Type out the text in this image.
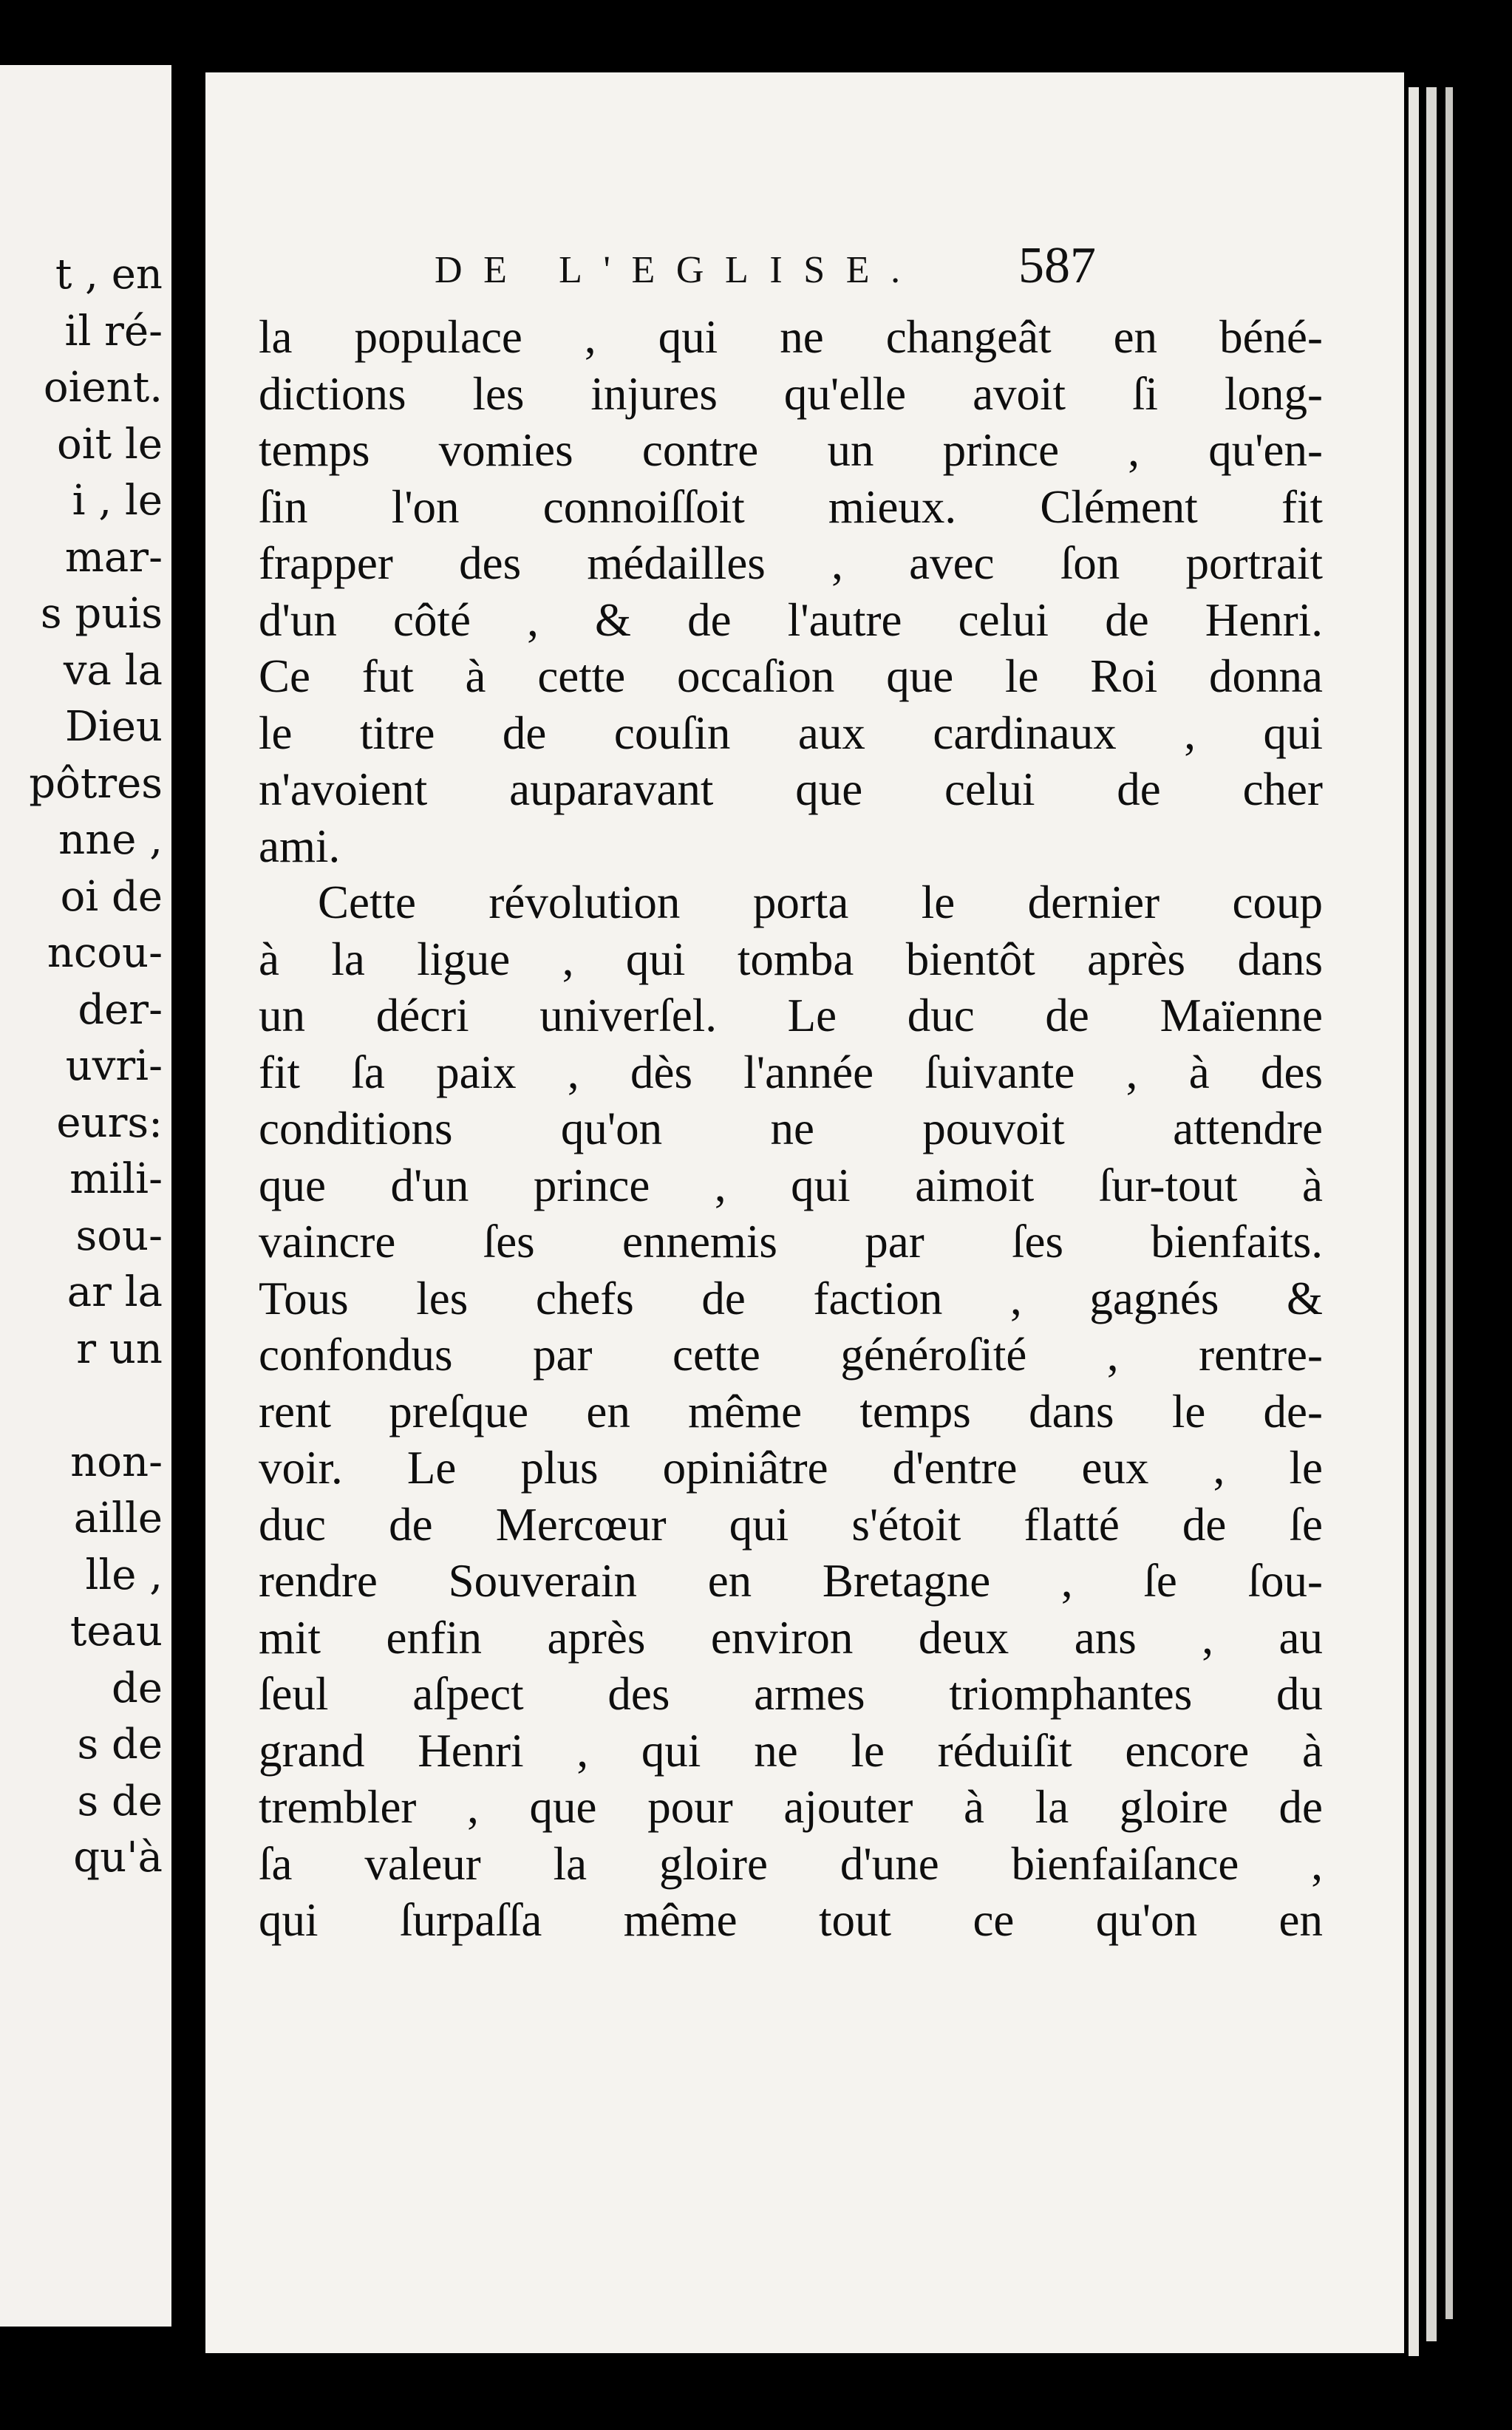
t , en
il ré-
oient.
oit le
i , le
mar-
s puis
va la
Dieu
pôtres
nne ,
oi de
ncou-
der-
uvri-
eurs:
mili-
sou-
ar la
r un
non-
aille
lle ,
teau
de
s de
s de
qu'à
DE L'EGLISE.	587
la populace , qui ne changeât en béné-
dictions les injures qu'elle avoit ſi long-
temps vomies contre un prince , qu'en-
ſin l'on connoiſſoit mieux. Clément fit
frapper des médailles , avec ſon portrait
d'un côté , & de l'autre celui de Henri.
Ce fut à cette occaſion que le Roi donna
le titre de couſin aux cardinaux , qui
n'avoient auparavant que celui de cher
ami.
Cette révolution porta le dernier coup
à la ligue , qui tomba bientôt après dans
un décri univerſel. Le duc de Maïenne
fit ſa paix , dès l'année ſuivante , à des
conditions qu'on ne pouvoit attendre
que d'un prince , qui aimoit ſur-tout à
vaincre ſes ennemis par ſes bienfaits.
Tous les chefs de faction , gagnés &
confondus par cette généroſité , rentre-
rent preſque en même temps dans le de-
voir. Le plus opiniâtre d'entre eux , le
duc de Mercœur qui s'étoit flatté de ſe
rendre Souverain en Bretagne , ſe ſou-
mit enfin après environ deux ans , au
ſeul aſpect des armes triomphantes du
grand Henri , qui ne le réduiſit encore à
trembler , que pour ajouter à la gloire de
ſa valeur la gloire d'une bienfaiſance ,
qui ſurpaſſa même tout ce qu'on en
